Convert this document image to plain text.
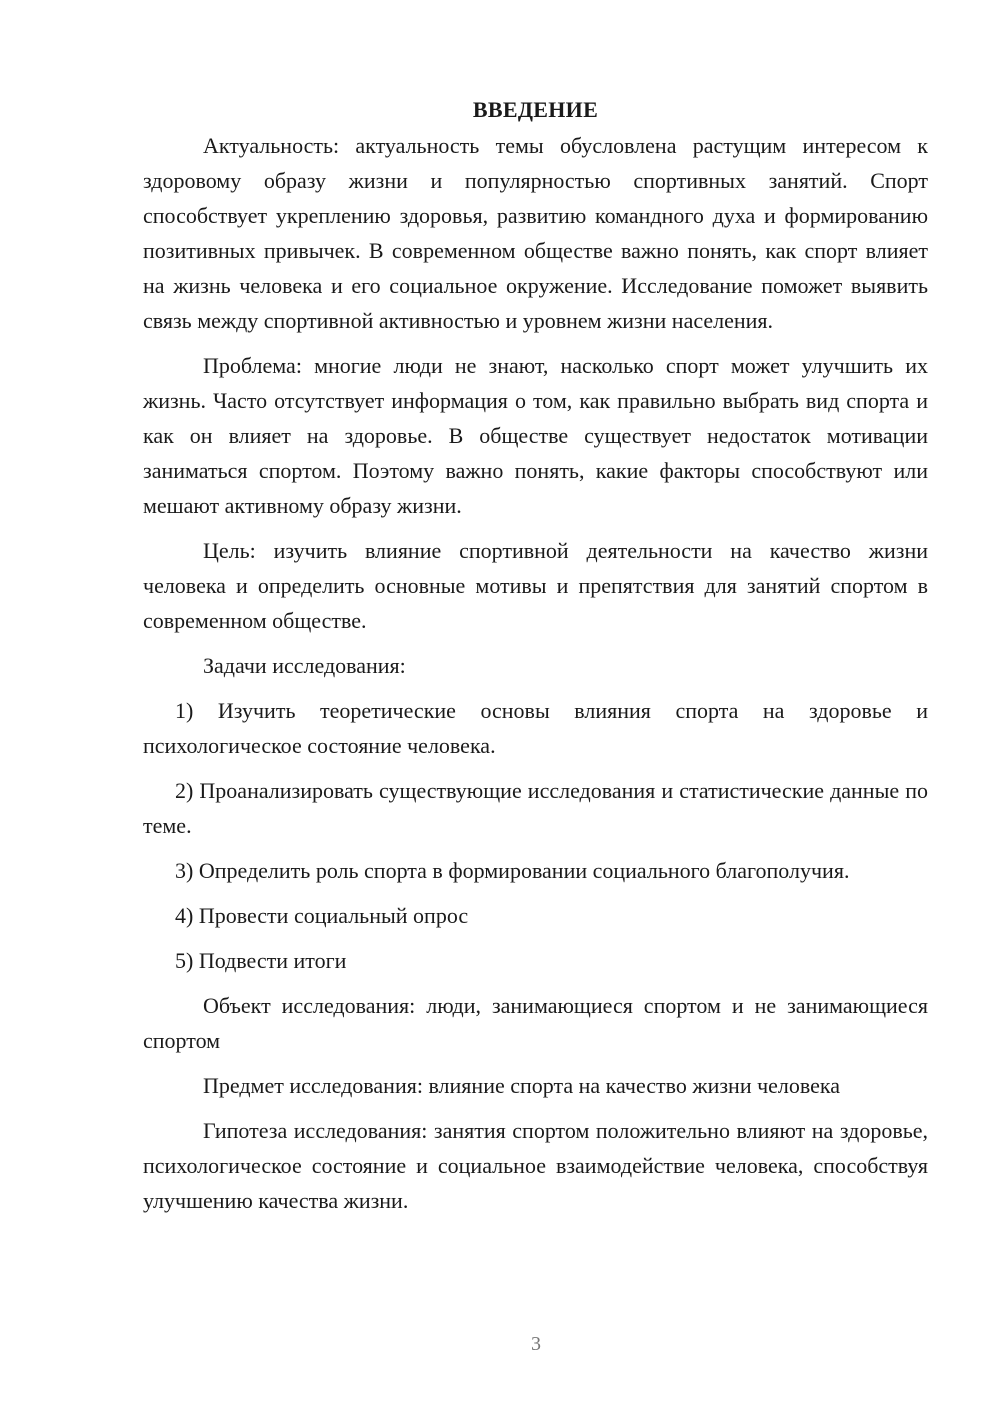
ВВЕДЕНИЕ

Актуальность: актуальность темы обусловлена растущим интересом к здоровому образу жизни и популярностью спортивных занятий. Спорт способствует укреплению здоровья, развитию командного духа и формированию позитивных привычек. В современном обществе важно понять, как спорт влияет на жизнь человека и его социальное окружение. Исследование поможет выявить связь между спортивной активностью и уровнем жизни населения.

Проблема: многие люди не знают, насколько спорт может улучшить их жизнь. Часто отсутствует информация о том, как правильно выбрать вид спорта и как он влияет на здоровье. В обществе существует недостаток мотивации заниматься спортом. Поэтому важно понять, какие факторы способствуют или мешают активному образу жизни.

Цель: изучить влияние спортивной деятельности на качество жизни человека и определить основные мотивы и препятствия для занятий спортом в современном обществе.

Задачи исследования:

1) Изучить теоретические основы влияния спорта на здоровье и психологическое состояние человека.

2) Проанализировать существующие исследования и статистические данные по теме.

3) Определить роль спорта в формировании социального благополучия.

4) Провести социальный опрос

5) Подвести итоги

Объект исследования: люди, занимающиеся спортом и не занимающиеся спортом

Предмет исследования: влияние спорта на качество жизни человека

Гипотеза исследования: занятия спортом положительно влияют на здоровье, психологическое состояние и социальное взаимодействие человека, способствуя улучшению качества жизни.

3
